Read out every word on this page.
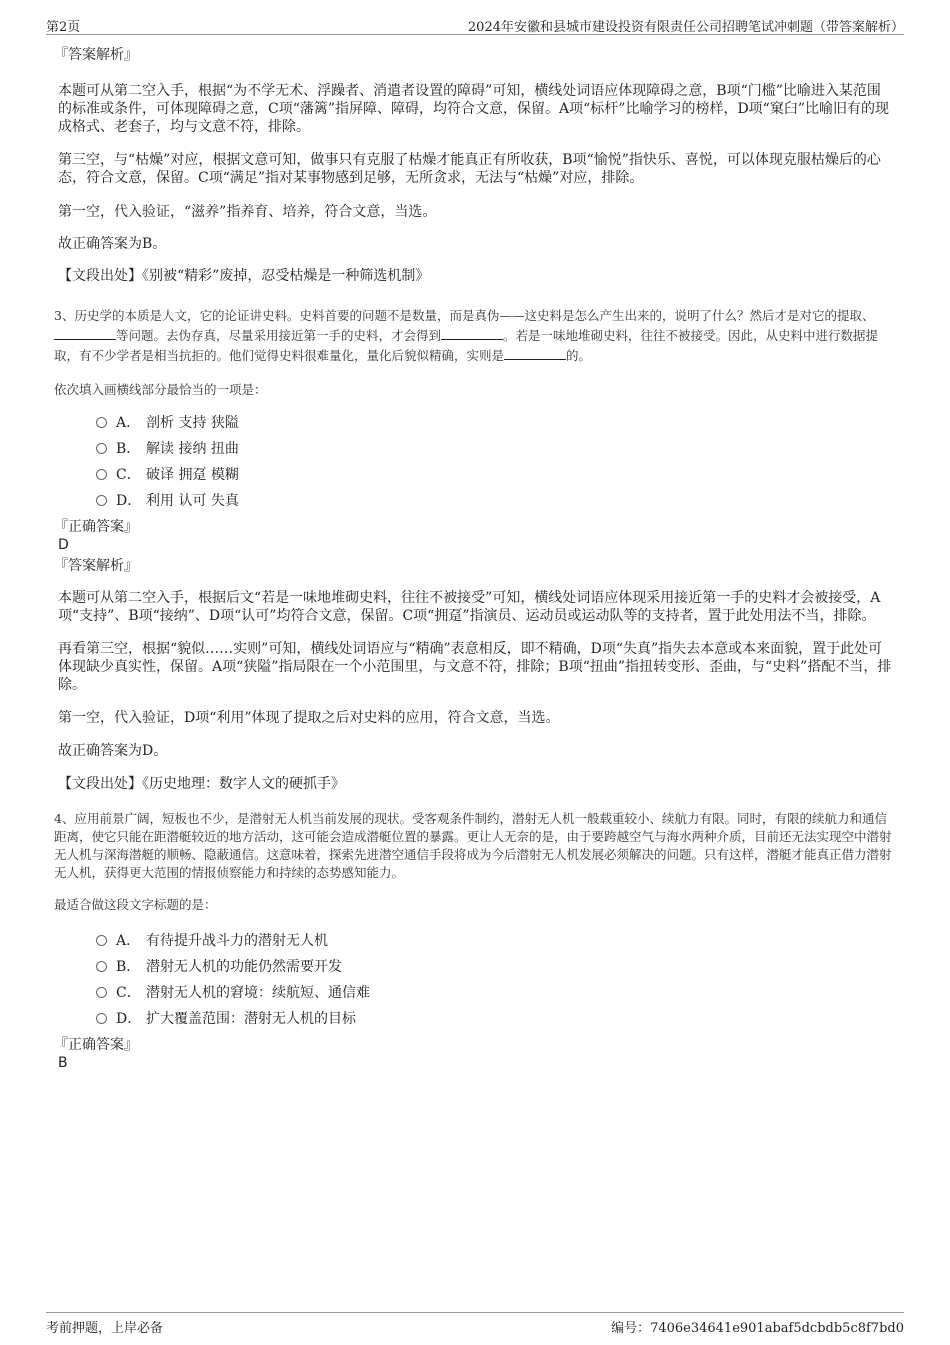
第2页	2024年安徽和县城市建设投资有限责任公司招聘笔试冲刺题（带答案解析）

『答案解析』

本题可从第二空入手，根据“为不学无术、浮躁者、消遣者设置的障碍”可知，横线处词语应体现障碍之意，B项“门槛”比喻进入某范围的标准或条件，可体现障碍之意，C项“藩篱”指屏障、障碍，均符合文意，保留。A项“标杆”比喻学习的榜样，D项“窠臼”比喻旧有的现成格式、老套子，均与文意不符，排除。

第三空，与“枯燥”对应，根据文意可知，做事只有克服了枯燥才能真正有所收获，B项“愉悦”指快乐、喜悦，可以体现克服枯燥后的心态，符合文意，保留。C项“满足”指对某事物感到足够，无所贪求，无法与“枯燥”对应，排除。

第一空，代入验证，“滋养”指养育、培养，符合文意，当选。

故正确答案为B。

【文段出处】《别被“精彩”废掉，忍受枯燥是一种筛选机制》

3、历史学的本质是人文，它的论证讲史料。史料首要的问题不是数量，而是真伪——这史料是怎么产生出来的，说明了什么？然后才是对它的提取、等问题。去伪存真，尽量采用接近第一手的史料，才会得到	。若是一味地堆砌史料，往往不被接受。因此，从史料中进行数据提取，有不少学者是相当抗拒的。他们觉得史料很难量化，量化后貌似精确，实则是	的。

依次填入画横线部分最恰当的一项是：

A． 剖析 支持 狭隘
B． 解读 接纳 扭曲
C． 破译 拥趸 模糊
D． 利用 认可 失真

『正确答案』

D

『答案解析』

本题可从第二空入手，根据后文“若是一味地堆砌史料，往往不被接受”可知，横线处词语应体现采用接近第一手的史料才会被接受，A项“支持”、B项“接纳”、D项“认可”均符合文意，保留。C项“拥趸”指演员、运动员或运动队等的支持者，置于此处用法不当，排除。

再看第三空，根据“貌似……实则”可知，横线处词语应与“精确”表意相反，即不精确，D项“失真”指失去本意或本来面貌，置于此处可体现缺少真实性，保留。A项“狭隘”指局限在一个小范围里，与文意不符，排除；B项“扭曲”指扭转变形、歪曲，与“史料”搭配不当，排除。

第一空，代入验证，D项“利用”体现了提取之后对史料的应用，符合文意，当选。

故正确答案为D。

【文段出处】《历史地理：数字人文的硬抓手》

4、应用前景广阔，短板也不少，是潜射无人机当前发展的现状。受客观条件制约，潜射无人机一般载重较小、续航力有限。同时，有限的续航力和通信距离，使它只能在距潜艇较近的地方活动，这可能会造成潜艇位置的暴露。更让人无奈的是，由于要跨越空气与海水两种介质，目前还无法实现空中潜射无人机与深海潜艇的顺畅、隐蔽通信。这意味着，探索先进潜空通信手段将成为今后潜射无人机发展必须解决的问题。只有这样，潜艇才能真正借力潜射无人机，获得更大范围的情报侦察能力和持续的态势感知能力。

最适合做这段文字标题的是：

A． 有待提升战斗力的潜射无人机
B． 潜射无人机的功能仍然需要开发
C． 潜射无人机的窘境：续航短、通信难
D． 扩大覆盖范围：潜射无人机的目标

『正确答案』

B

考前押题，上岸必备	编号：7406e34641e901abaf5dcbdb5c8f7bd0
